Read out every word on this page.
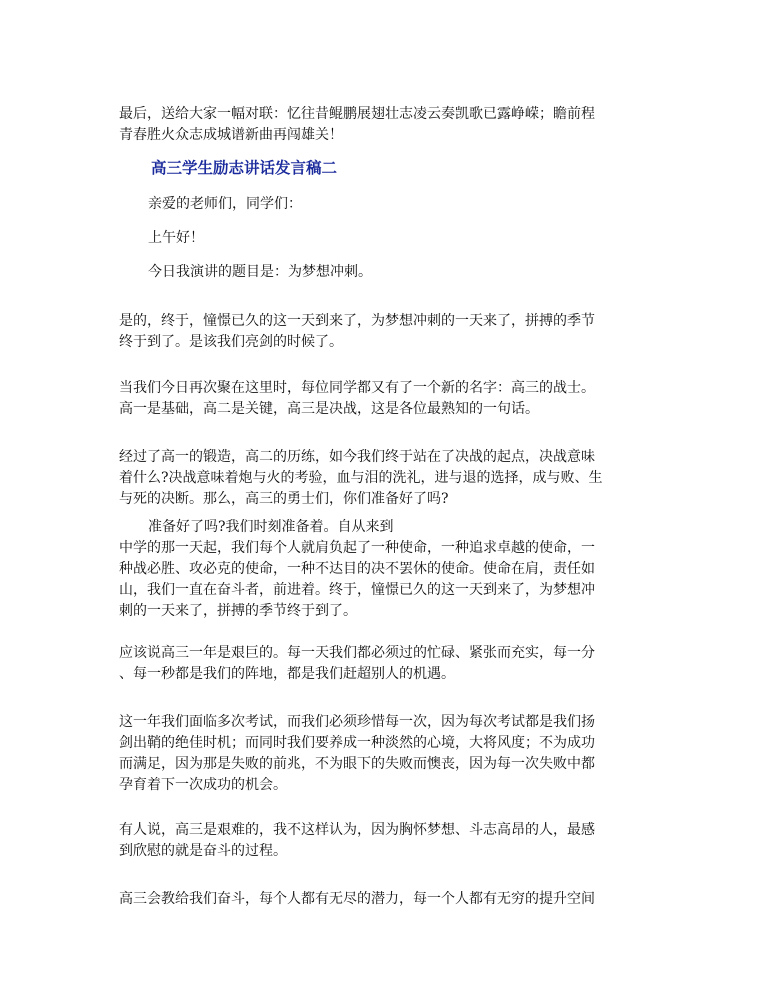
最后，送给大家一幅对联：忆往昔鲲鹏展翅壮志凌云奏凯歌已露峥嵘；瞻前程
青春胜火众志成城谱新曲再闯雄关！

高三学生励志讲话发言稿二

亲爱的老师们，同学们：

上午好！

今日我演讲的题目是：为梦想冲刺。

是的，终于，憧憬已久的这一天到来了，为梦想冲刺的一天来了，拼搏的季节
终于到了。是该我们亮剑的时候了。

当我们今日再次聚在这里时，每位同学都又有了一个新的名字：高三的战士。
高一是基础，高二是关键，高三是决战，这是各位最熟知的一句话。

经过了高一的锻造，高二的历练，如今我们终于站在了决战的起点，决战意味
着什么?决战意味着炮与火的考验，血与泪的洗礼，进与退的选择，成与败、生
与死的决断。那么，高三的勇士们，你们准备好了吗?

准备好了吗?我们时刻准备着。自从来到
中学的那一天起，我们每个人就肩负起了一种使命，一种追求卓越的使命，一
种战必胜、攻必克的使命，一种不达目的决不罢休的使命。使命在肩，责任如
山，我们一直在奋斗者，前进着。终于，憧憬已久的这一天到来了，为梦想冲
刺的一天来了，拼搏的季节终于到了。

应该说高三一年是艰巨的。每一天我们都必须过的忙碌、紧张而充实，每一分
、每一秒都是我们的阵地，都是我们赶超别人的机遇。

这一年我们面临多次考试，而我们必须珍惜每一次，因为每次考试都是我们扬
剑出鞘的绝佳时机；而同时我们要养成一种淡然的心境，大将风度；不为成功
而满足，因为那是失败的前兆，不为眼下的失败而懊丧，因为每一次失败中都
孕育着下一次成功的机会。

有人说，高三是艰难的，我不这样认为，因为胸怀梦想、斗志高昂的人，最感
到欣慰的就是奋斗的过程。

高三会教给我们奋斗，每个人都有无尽的潜力，每一个人都有无穷的提升空间
